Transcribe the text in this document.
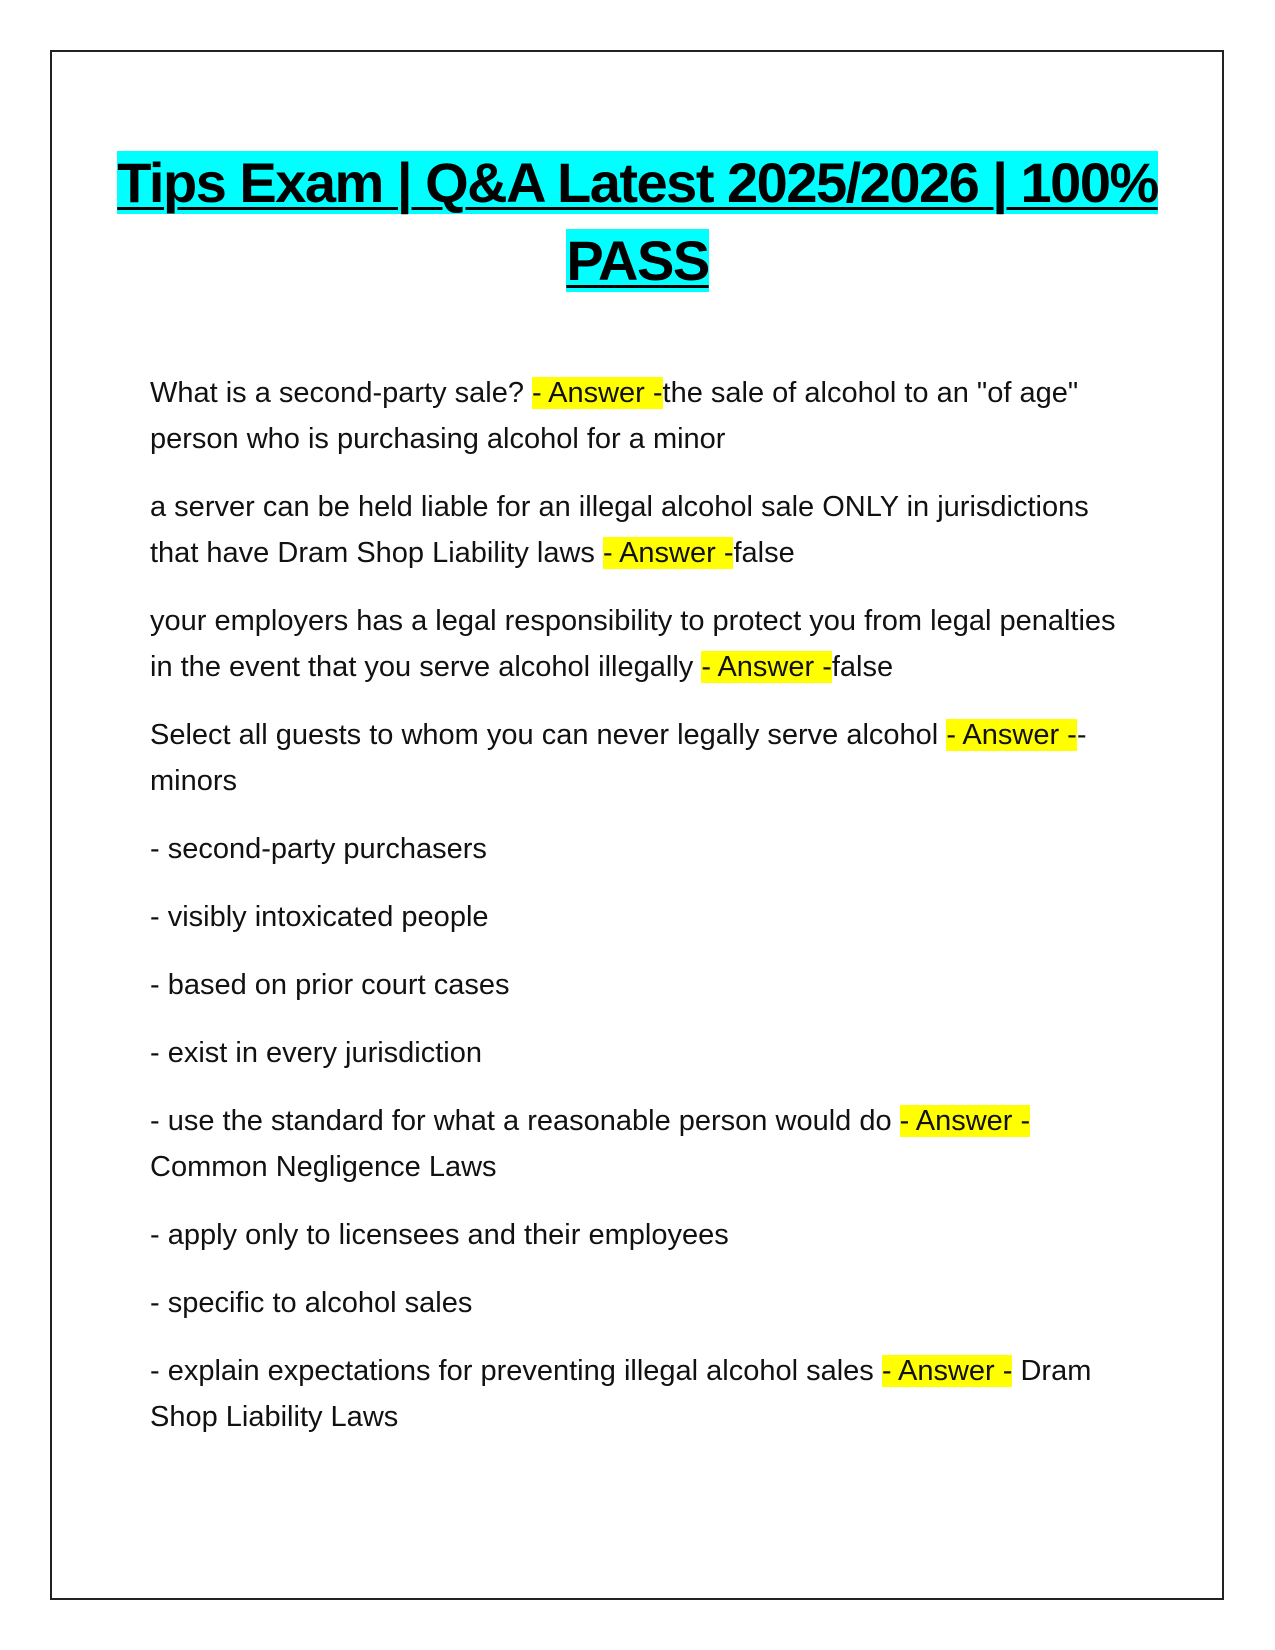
Tips Exam | Q&A Latest 2025/2026 | 100% PASS

What is a second-party sale? - Answer -the sale of alcohol to an "of age" person who is purchasing alcohol for a minor

a server can be held liable for an illegal alcohol sale ONLY in jurisdictions that have Dram Shop Liability laws - Answer -false

your employers has a legal responsibility to protect you from legal penalties in the event that you serve alcohol illegally - Answer -false

Select all guests to whom you can never legally serve alcohol - Answer -- minors

- second-party purchasers

- visibly intoxicated people

- based on prior court cases

- exist in every jurisdiction

- use the standard for what a reasonable person would do - Answer - Common Negligence Laws

- apply only to licensees and their employees

- specific to alcohol sales

- explain expectations for preventing illegal alcohol sales - Answer - Dram Shop Liability Laws
